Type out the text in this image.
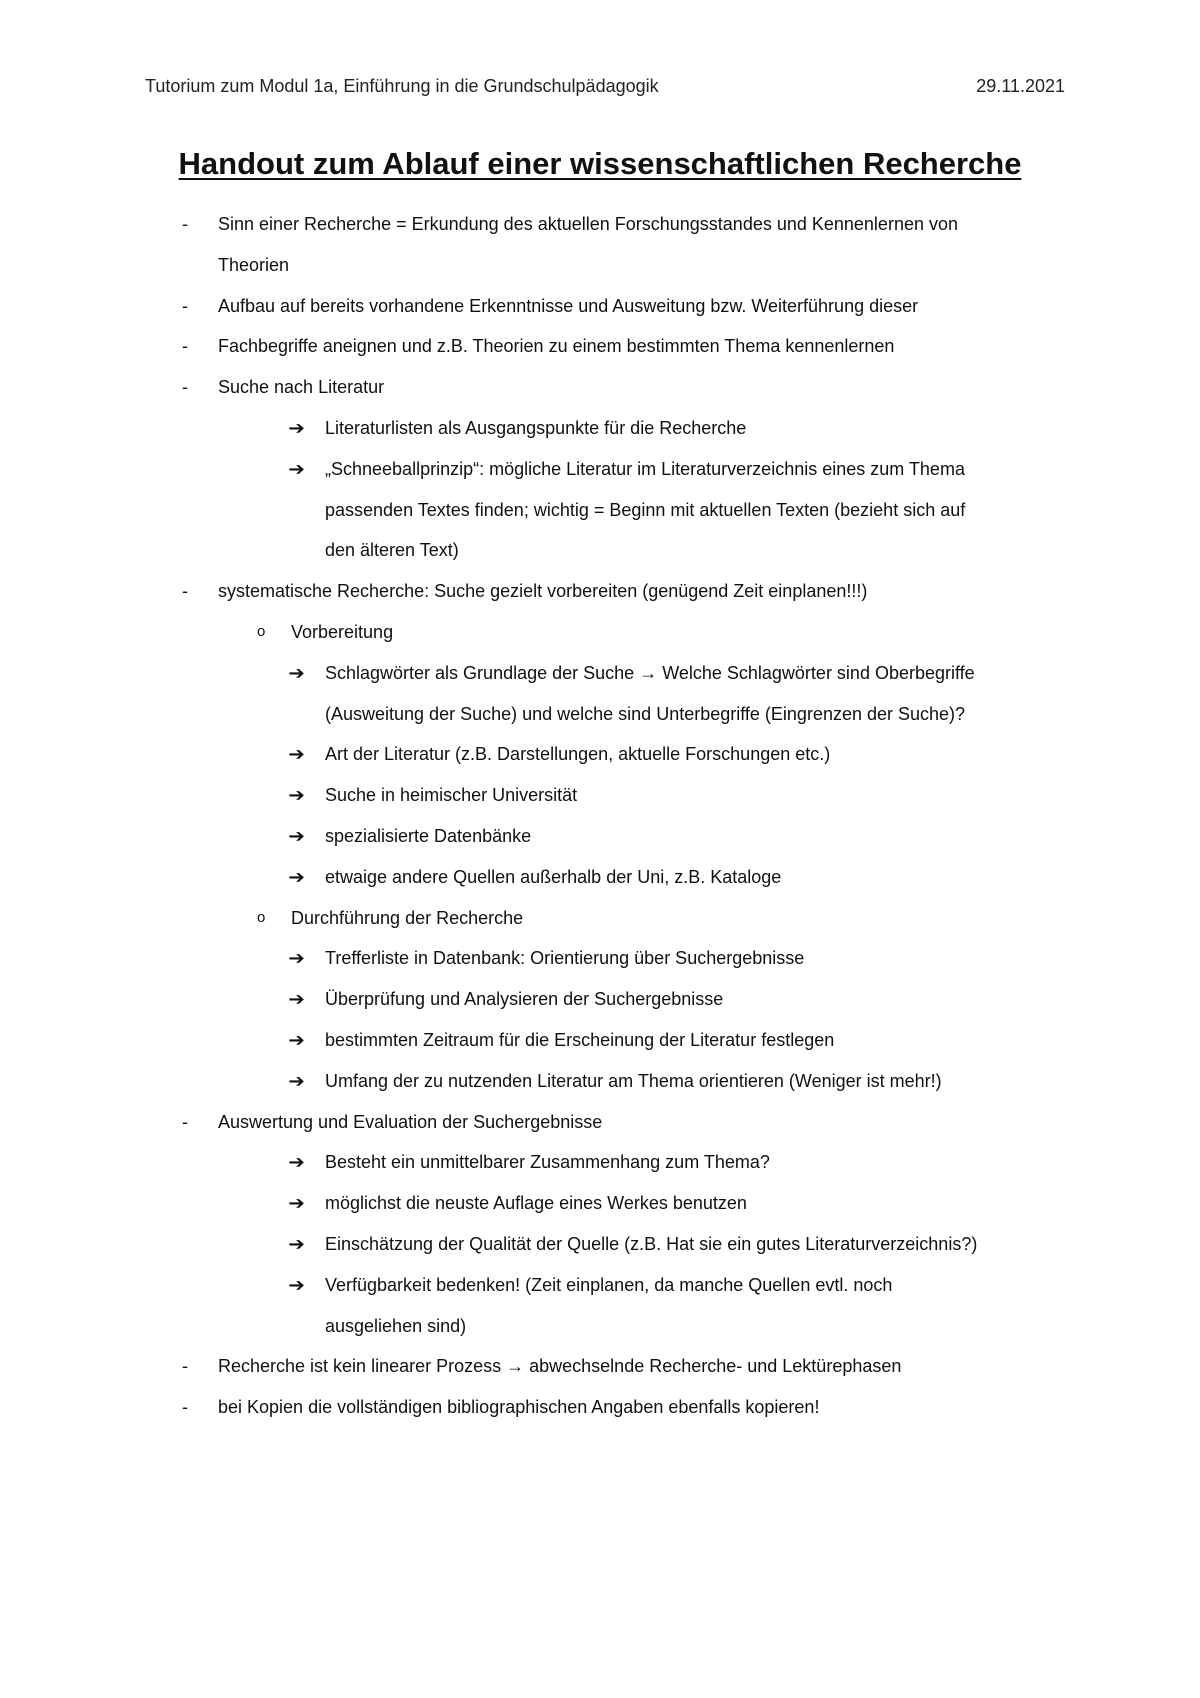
Tutorium zum Modul 1a, Einführung in die Grundschulpädagogik	29.11.2021
Handout zum Ablauf einer wissenschaftlichen Recherche
- Sinn einer Recherche = Erkundung des aktuellen Forschungsstandes und Kennenlernen von
Theorien
- Aufbau auf bereits vorhandene Erkenntnisse und Ausweitung bzw. Weiterführung dieser
- Fachbegriffe aneignen und z.B. Theorien zu einem bestimmten Thema kennenlernen
- Suche nach Literatur
➔ Literaturlisten als Ausgangspunkte für die Recherche
➔ „Schneeballprinzip“: mögliche Literatur im Literaturverzeichnis eines zum Thema
passenden Textes finden; wichtig = Beginn mit aktuellen Texten (bezieht sich auf
den älteren Text)
- systematische Recherche: Suche gezielt vorbereiten (genügend Zeit einplanen!!!)
o Vorbereitung
➔ Schlagwörter als Grundlage der Suche → Welche Schlagwörter sind Oberbegriffe
(Ausweitung der Suche) und welche sind Unterbegriffe (Eingrenzen der Suche)?
➔ Art der Literatur (z.B. Darstellungen, aktuelle Forschungen etc.)
➔ Suche in heimischer Universität
➔ spezialisierte Datenbänke
➔ etwaige andere Quellen außerhalb der Uni, z.B. Kataloge
o Durchführung der Recherche
➔ Trefferliste in Datenbank: Orientierung über Suchergebnisse
➔ Überprüfung und Analysieren der Suchergebnisse
➔ bestimmten Zeitraum für die Erscheinung der Literatur festlegen
➔ Umfang der zu nutzenden Literatur am Thema orientieren (Weniger ist mehr!)
- Auswertung und Evaluation der Suchergebnisse
➔ Besteht ein unmittelbarer Zusammenhang zum Thema?
➔ möglichst die neuste Auflage eines Werkes benutzen
➔ Einschätzung der Qualität der Quelle (z.B. Hat sie ein gutes Literaturverzeichnis?)
➔ Verfügbarkeit bedenken! (Zeit einplanen, da manche Quellen evtl. noch
ausgeliehen sind)
- Recherche ist kein linearer Prozess → abwechselnde Recherche- und Lektürephasen
- bei Kopien die vollständigen bibliographischen Angaben ebenfalls kopieren!
